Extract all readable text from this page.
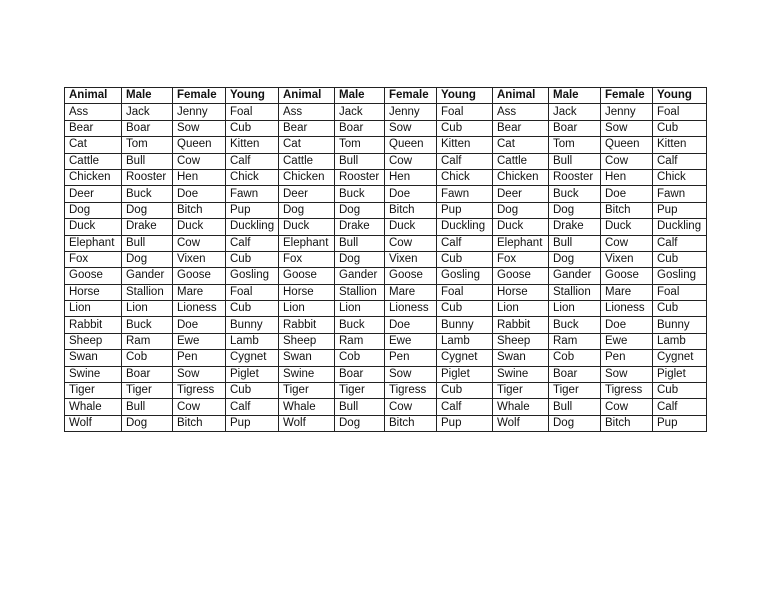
Animal	Male	Female	Young	Animal	Male	Female	Young	Animal	Male	Female	Young
Ass	Jack	Jenny	Foal	Ass	Jack	Jenny	Foal	Ass	Jack	Jenny	Foal
Bear	Boar	Sow	Cub	Bear	Boar	Sow	Cub	Bear	Boar	Sow	Cub
Cat	Tom	Queen	Kitten	Cat	Tom	Queen	Kitten	Cat	Tom	Queen	Kitten
Cattle	Bull	Cow	Calf	Cattle	Bull	Cow	Calf	Cattle	Bull	Cow	Calf
Chicken	Rooster	Hen	Chick	Chicken	Rooster	Hen	Chick	Chicken	Rooster	Hen	Chick
Deer	Buck	Doe	Fawn	Deer	Buck	Doe	Fawn	Deer	Buck	Doe	Fawn
Dog	Dog	Bitch	Pup	Dog	Dog	Bitch	Pup	Dog	Dog	Bitch	Pup
Duck	Drake	Duck	Duckling	Duck	Drake	Duck	Duckling	Duck	Drake	Duck	Duckling
Elephant	Bull	Cow	Calf	Elephant	Bull	Cow	Calf	Elephant	Bull	Cow	Calf
Fox	Dog	Vixen	Cub	Fox	Dog	Vixen	Cub	Fox	Dog	Vixen	Cub
Goose	Gander	Goose	Gosling	Goose	Gander	Goose	Gosling	Goose	Gander	Goose	Gosling
Horse	Stallion	Mare	Foal	Horse	Stallion	Mare	Foal	Horse	Stallion	Mare	Foal
Lion	Lion	Lioness	Cub	Lion	Lion	Lioness	Cub	Lion	Lion	Lioness	Cub
Rabbit	Buck	Doe	Bunny	Rabbit	Buck	Doe	Bunny	Rabbit	Buck	Doe	Bunny
Sheep	Ram	Ewe	Lamb	Sheep	Ram	Ewe	Lamb	Sheep	Ram	Ewe	Lamb
Swan	Cob	Pen	Cygnet	Swan	Cob	Pen	Cygnet	Swan	Cob	Pen	Cygnet
Swine	Boar	Sow	Piglet	Swine	Boar	Sow	Piglet	Swine	Boar	Sow	Piglet
Tiger	Tiger	Tigress	Cub	Tiger	Tiger	Tigress	Cub	Tiger	Tiger	Tigress	Cub
Whale	Bull	Cow	Calf	Whale	Bull	Cow	Calf	Whale	Bull	Cow	Calf
Wolf	Dog	Bitch	Pup	Wolf	Dog	Bitch	Pup	Wolf	Dog	Bitch	Pup
